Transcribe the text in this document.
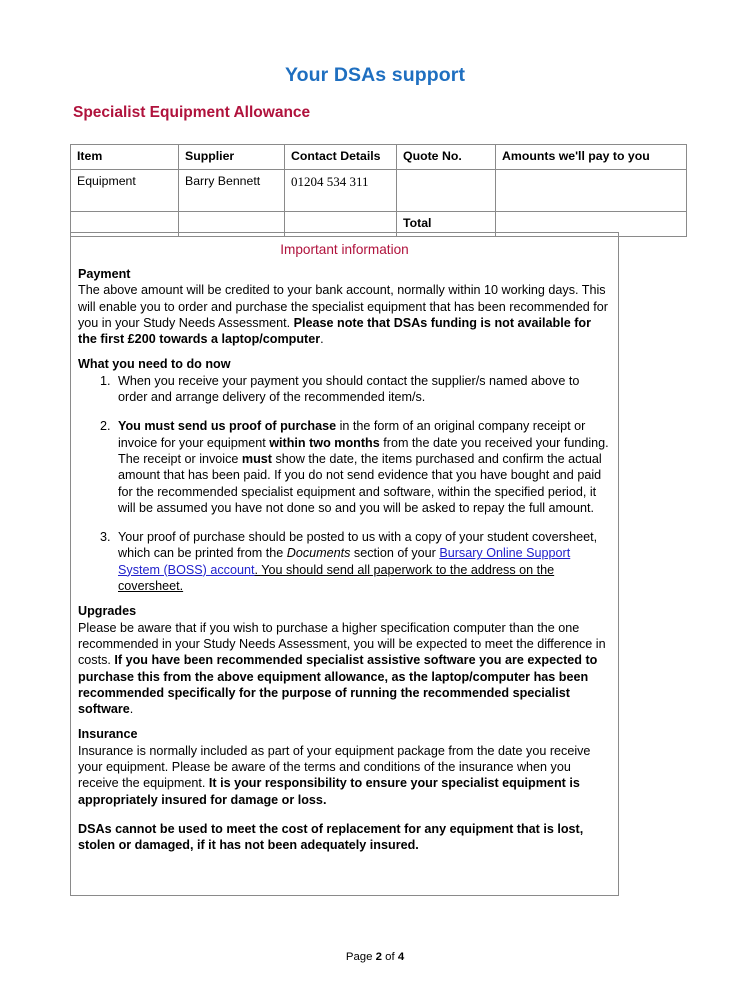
Your DSAs support
Specialist Equipment Allowance
Item	Supplier	Contact Details	Quote No.	Amounts we'll pay to you
Equipment	Barry Bennett	01204 534 311		
			Total	
Important information
Payment
The above amount will be credited to your bank account, normally within 10 working days. This will enable you to order and purchase the specialist equipment that has been recommended for you in your Study Needs Assessment. Please note that DSAs funding is not available for the first £200 towards a laptop/computer.
What you need to do now
1. When you receive your payment you should contact the supplier/s named above to order and arrange delivery of the recommended item/s.
2. You must send us proof of purchase in the form of an original company receipt or invoice for your equipment within two months from the date you received your funding. The receipt or invoice must show the date, the items purchased and confirm the actual amount that has been paid. If you do not send evidence that you have bought and paid for the recommended specialist equipment and software, within the specified period, it will be assumed you have not done so and you will be asked to repay the full amount.
3. Your proof of purchase should be posted to us with a copy of your student coversheet, which can be printed from the Documents section of your Bursary Online Support System (BOSS) account. You should send all paperwork to the address on the coversheet.
Upgrades
Please be aware that if you wish to purchase a higher specification computer than the one recommended in your Study Needs Assessment, you will be expected to meet the difference in costs. If you have been recommended specialist assistive software you are expected to purchase this from the above equipment allowance, as the laptop/computer has been recommended specifically for the purpose of running the recommended specialist software.
Insurance
Insurance is normally included as part of your equipment package from the date you receive your equipment. Please be aware of the terms and conditions of the insurance when you receive the equipment. It is your responsibility to ensure your specialist equipment is appropriately insured for damage or loss.
DSAs cannot be used to meet the cost of replacement for any equipment that is lost, stolen or damaged, if it has not been adequately insured.
Page 2 of 4
